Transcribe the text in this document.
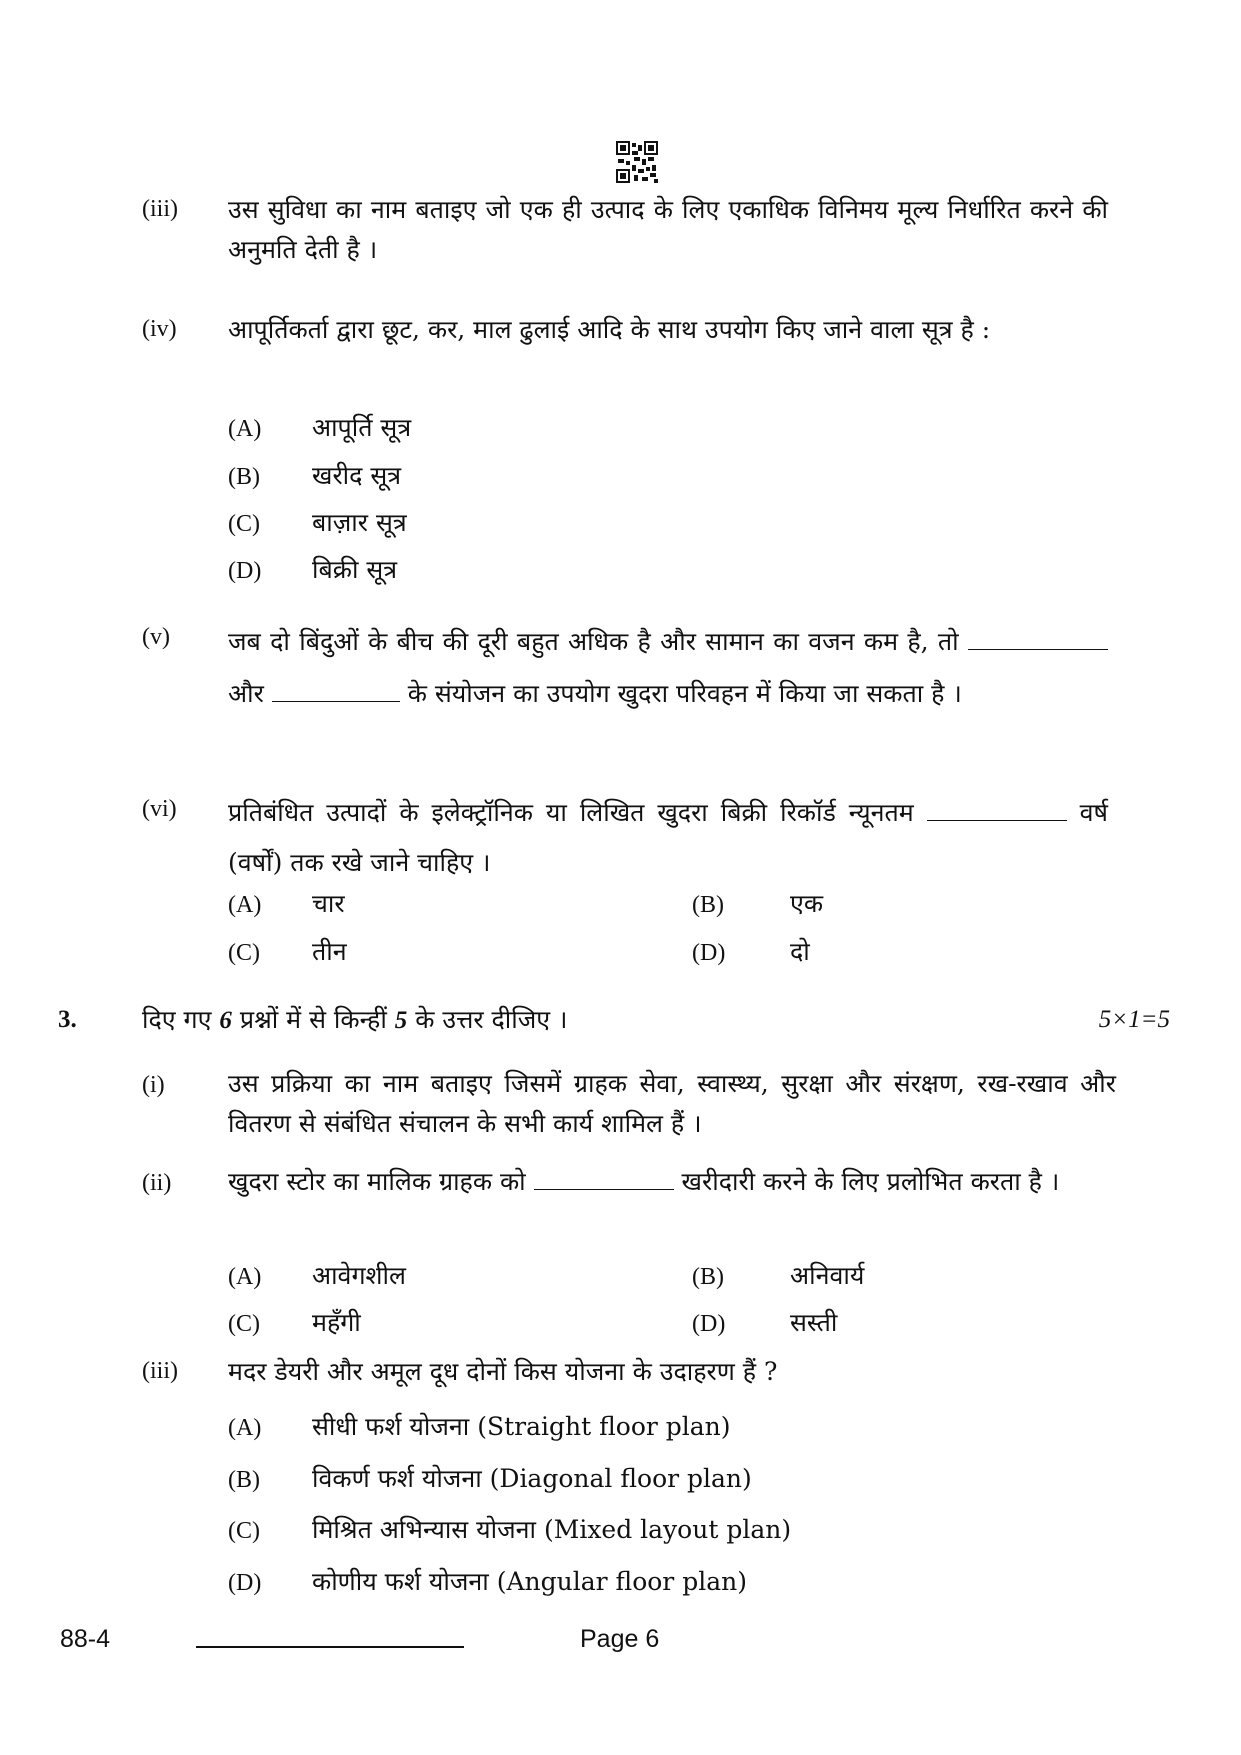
(iii) उस सुविधा का नाम बताइए जो एक ही उत्पाद के लिए एकाधिक विनिमय मूल्य निर्धारित करने की अनुमति देती है ।
(iv) आपूर्तिकर्ता द्वारा छूट, कर, माल ढुलाई आदि के साथ उपयोग किए जाने वाला सूत्र है :
(A) आपूर्ति सूत्र
(B) खरीद सूत्र
(C) बाज़ार सूत्र
(D) बिक्री सूत्र
(v) जब दो बिंदुओं के बीच की दूरी बहुत अधिक है और सामान का वजन कम है, तो  और	के संयोजन का उपयोग खुदरा परिवहन में किया जा सकता है ।
(vi) प्रतिबंधित उत्पादों के इलेक्ट्रॉनिक या लिखित खुदरा बिक्री रिकॉर्ड न्यूनतम	वर्ष (वर्षों) तक रखे जाने चाहिए ।
(A) चार	(B)	एक
(C) तीन	(D)	दो
3.	दिए गए 6 प्रश्नों में से किन्हीं 5 के उत्तर दीजिए ।	5×1=5
(i)	उस प्रक्रिया का नाम बताइए जिसमें ग्राहक सेवा, स्वास्थ्य, सुरक्षा और संरक्षण, रख-रखाव और वितरण से संबंधित संचालन के सभी कार्य शामिल हैं ।
(ii) खुदरा स्टोर का मालिक ग्राहक को	खरीदारी करने के लिए प्रलोभित करता है ।
(A) आवेगशील	(B)	अनिवार्य
(C) महँगी	(D)	सस्ती
(iii) मदर डेयरी और अमूल दूध दोनों किस योजना के उदाहरण हैं ?
(A) सीधी फर्श योजना (Straight floor plan)
(B) विकर्ण फर्श योजना (Diagonal floor plan)
(C) मिश्रित अभिन्यास योजना (Mixed layout plan)
(D) कोणीय फर्श योजना (Angular floor plan)
88-4	Page 6
